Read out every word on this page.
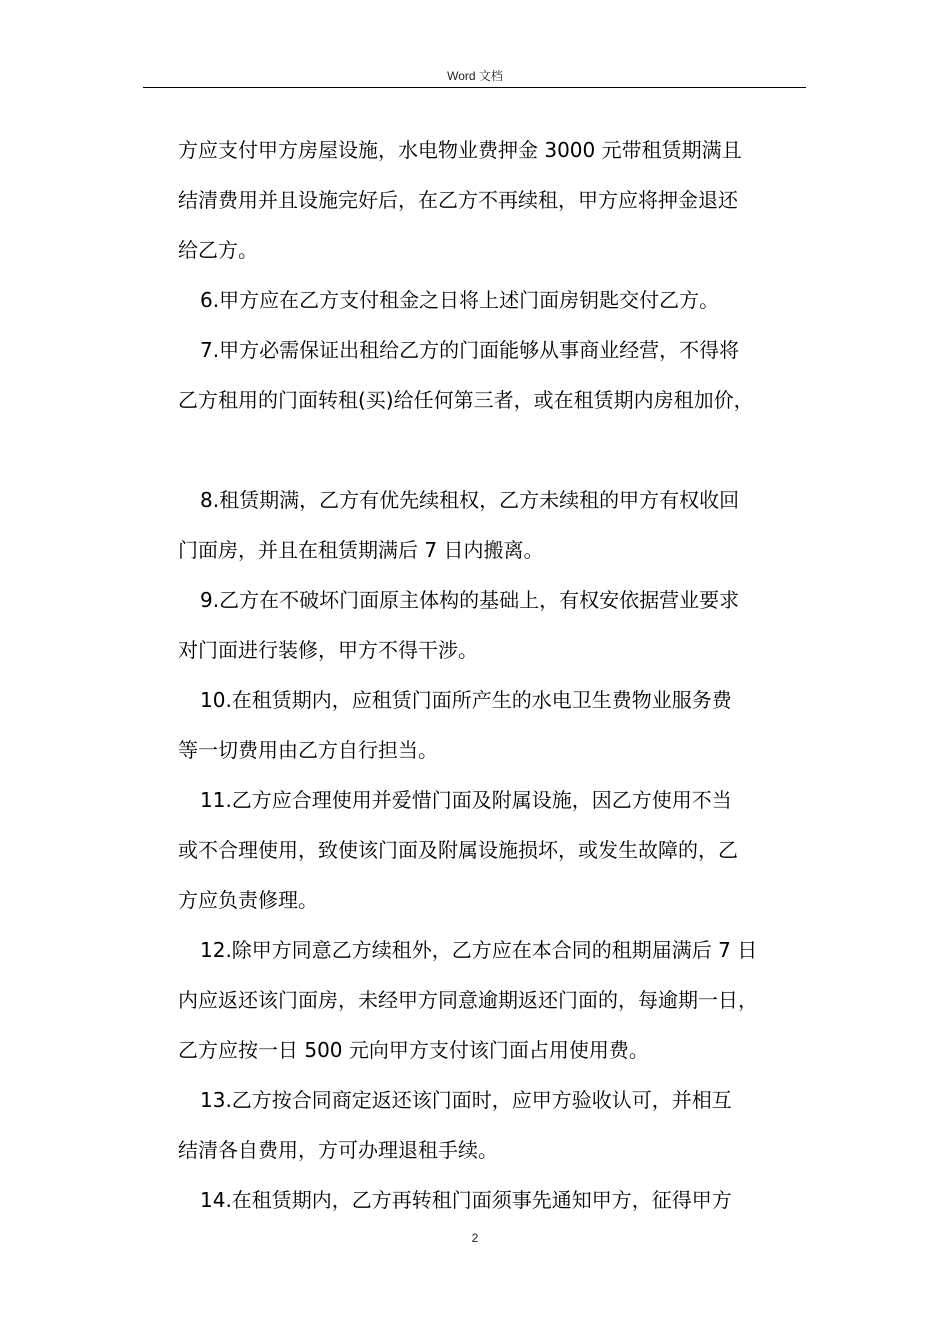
Word 文档
方应支付甲方房屋设施，水电物业费押金 3000 元带租赁期满且
结清费用并且设施完好后，在乙方不再续租，甲方应将押金退还
给乙方。
6.甲方应在乙方支付租金之日将上述门面房钥匙交付乙方。
7.甲方必需保证出租给乙方的门面能够从事商业经营，不得将
乙方租用的门面转租(买)给任何第三者，或在租赁期内房租加价，
8.租赁期满，乙方有优先续租权，乙方未续租的甲方有权收回
门面房，并且在租赁期满后 7 日内搬离。
9.乙方在不破坏门面原主体构的基础上，有权安依据营业要求
对门面进行装修，甲方不得干涉。
10.在租赁期内，应租赁门面所产生的水电卫生费物业服务费
等一切费用由乙方自行担当。
11.乙方应合理使用并爱惜门面及附属设施，因乙方使用不当
或不合理使用，致使该门面及附属设施损坏，或发生故障的，乙
方应负责修理。
12.除甲方同意乙方续租外，乙方应在本合同的租期届满后 7 日
内应返还该门面房，未经甲方同意逾期返还门面的，每逾期一日，
乙方应按一日 500 元向甲方支付该门面占用使用费。
13.乙方按合同商定返还该门面时，应甲方验收认可，并相互
结清各自费用，方可办理退租手续。
14.在租赁期内，乙方再转租门面须事先通知甲方，征得甲方
2
